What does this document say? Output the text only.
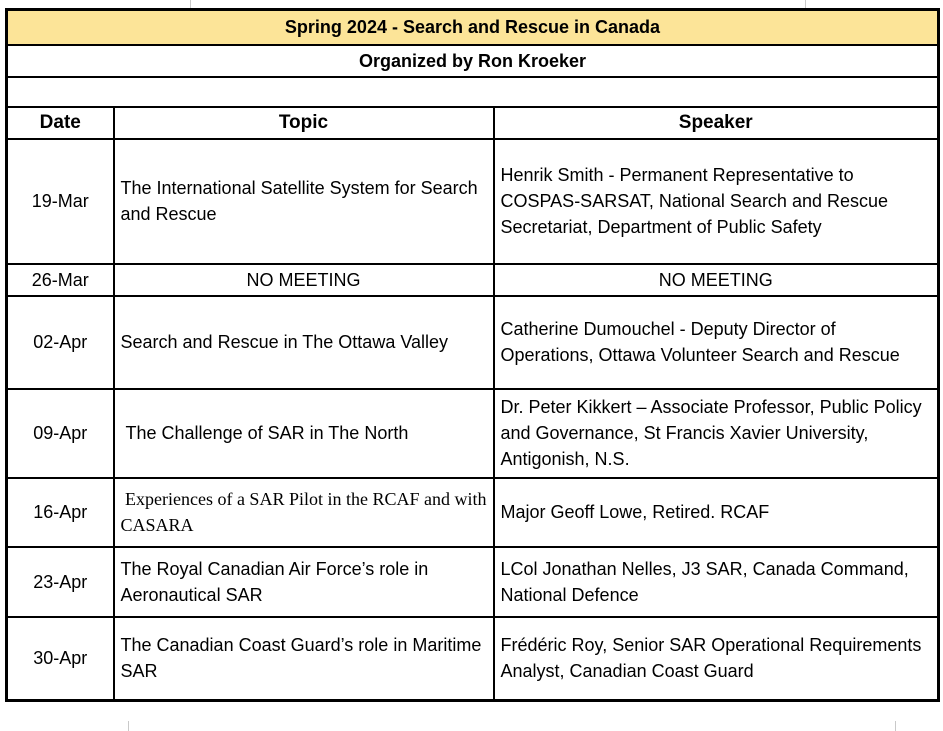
Spring 2024 - Search and Rescue in Canada		
Organized by Ron Kroeker		

Date	Topic	Speaker
19-Mar	The International Satellite System for Search and Rescue	Henrik Smith - Permanent Representative to COSPAS-SARSAT, National Search and Rescue Secretariat, Department of Public Safety
26-Mar	NO MEETING	NO MEETING
02-Apr	Search and Rescue in The Ottawa Valley	Catherine Dumouchel - Deputy Director of Operations, Ottawa Volunteer Search and Rescue
09-Apr	The Challenge of SAR in The North	Dr. Peter Kikkert – Associate Professor, Public Policy and Governance, St Francis Xavier University, Antigonish, N.S.
16-Apr	Experiences of a SAR Pilot in the RCAF and with CASARA	Major Geoff Lowe, Retired. RCAF
23-Apr	The Royal Canadian Air Force’s role in Aeronautical SAR	LCol Jonathan Nelles, J3 SAR, Canada Command, National Defence
30-Apr	The Canadian Coast Guard’s role in Maritime SAR	Frédéric Roy, Senior SAR Operational Requirements Analyst, Canadian Coast Guard
